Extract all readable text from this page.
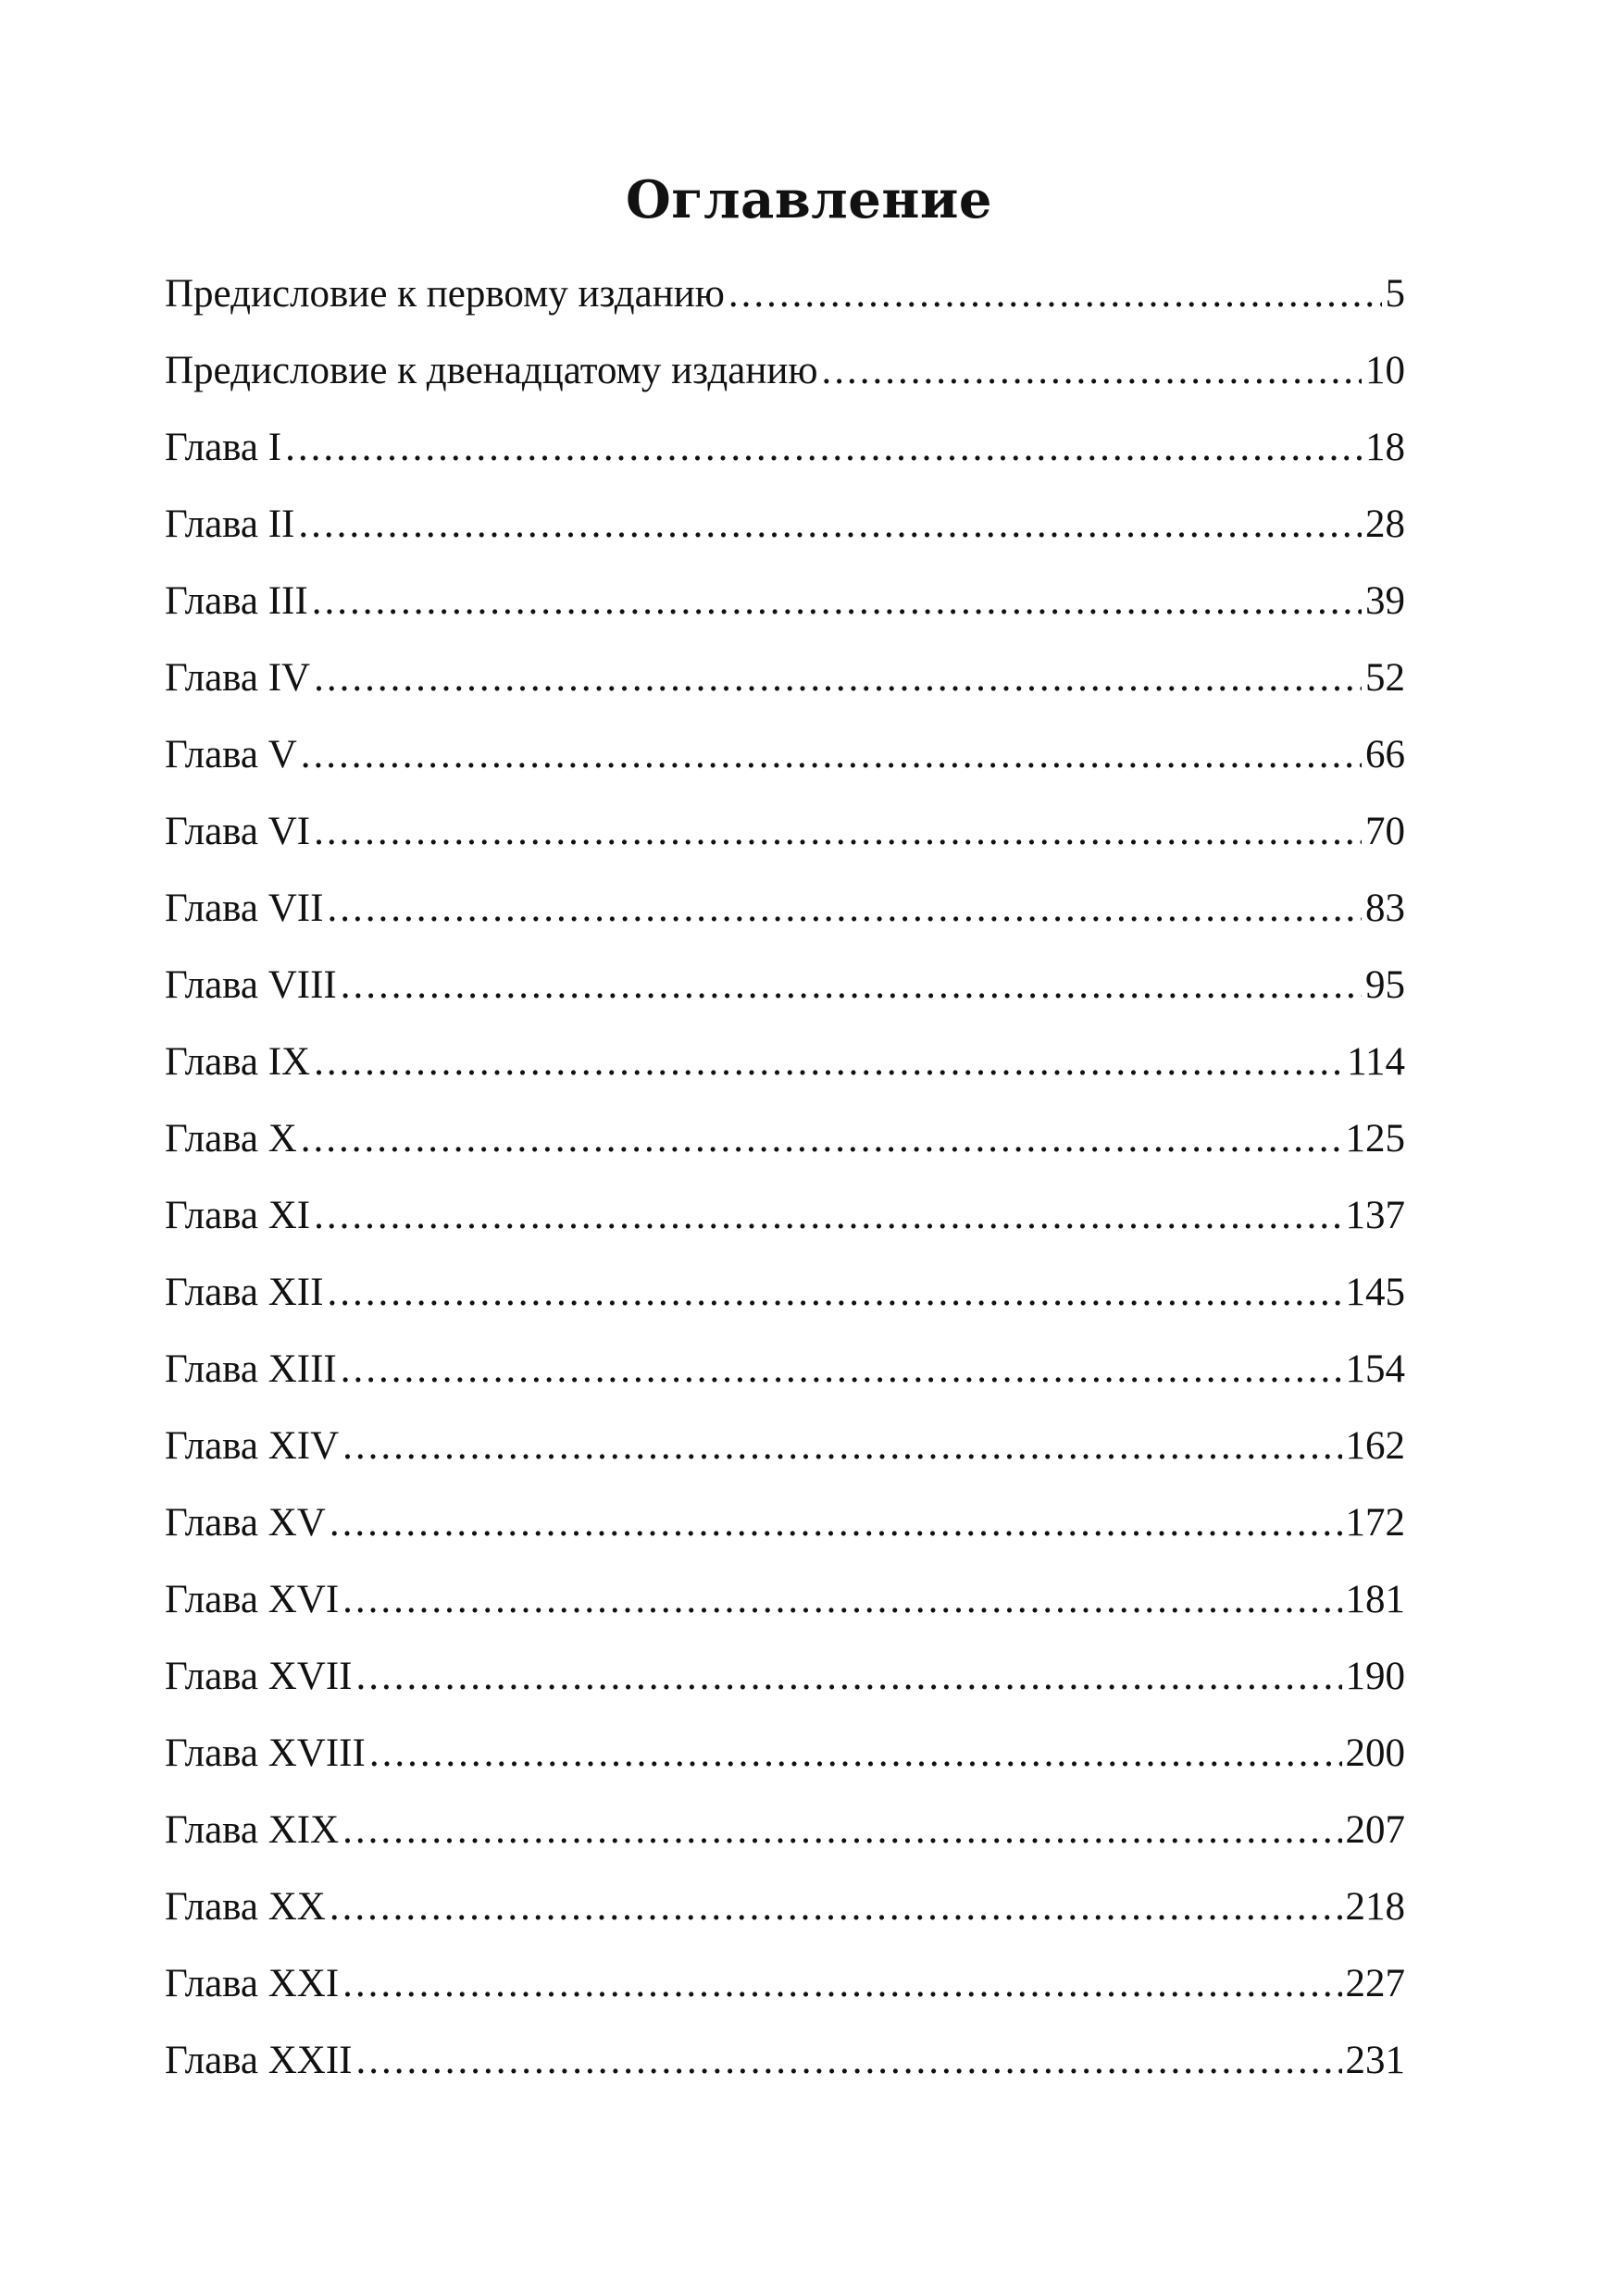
Оглавление
Предисловие к первому изданию .....	5
Предисловие к двенадцатому изданию .....	10
Глава I .....	18
Глава II .....	28
Глава III .....	39
Глава IV .....	52
Глава V .....	66
Глава VI .....	70
Глава VII .....	83
Глава VIII .....	95
Глава IX .....	114
Глава X .....	125
Глава XI .....	137
Глава XII .....	145
Глава XIII .....	154
Глава XIV .....	162
Глава XV .....	172
Глава XVI .....	181
Глава XVII .....	190
Глава XVIII .....	200
Глава XIX .....	207
Глава XX .....	218
Глава XXI .....	227
Глава XXII .....	231
